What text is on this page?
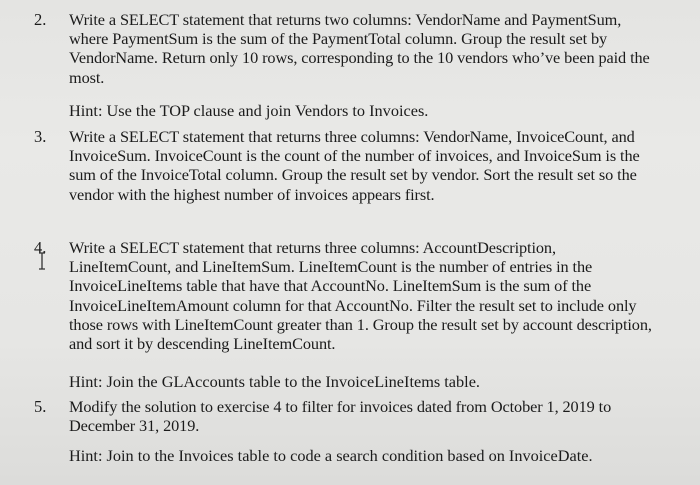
2. Write a SELECT statement that returns two columns: VendorName and PaymentSum, where PaymentSum is the sum of the PaymentTotal column. Group the result set by VendorName. Return only 10 rows, corresponding to the 10 vendors who’ve been paid the most.
Hint: Use the TOP clause and join Vendors to Invoices.
3. Write a SELECT statement that returns three columns: VendorName, InvoiceCount, and InvoiceSum. InvoiceCount is the count of the number of invoices, and InvoiceSum is the sum of the InvoiceTotal column. Group the result set by vendor. Sort the result set so the vendor with the highest number of invoices appears first.
4. Write a SELECT statement that returns three columns: AccountDescription, LineItemCount, and LineItemSum. LineItemCount is the number of entries in the InvoiceLineItems table that have that AccountNo. LineItemSum is the sum of the InvoiceLineItemAmount column for that AccountNo. Filter the result set to include only those rows with LineItemCount greater than 1. Group the result set by account description, and sort it by descending LineItemCount.
Hint: Join the GLAccounts table to the InvoiceLineItems table.
5. Modify the solution to exercise 4 to filter for invoices dated from October 1, 2019 to December 31, 2019.
Hint: Join to the Invoices table to code a search condition based on InvoiceDate.
